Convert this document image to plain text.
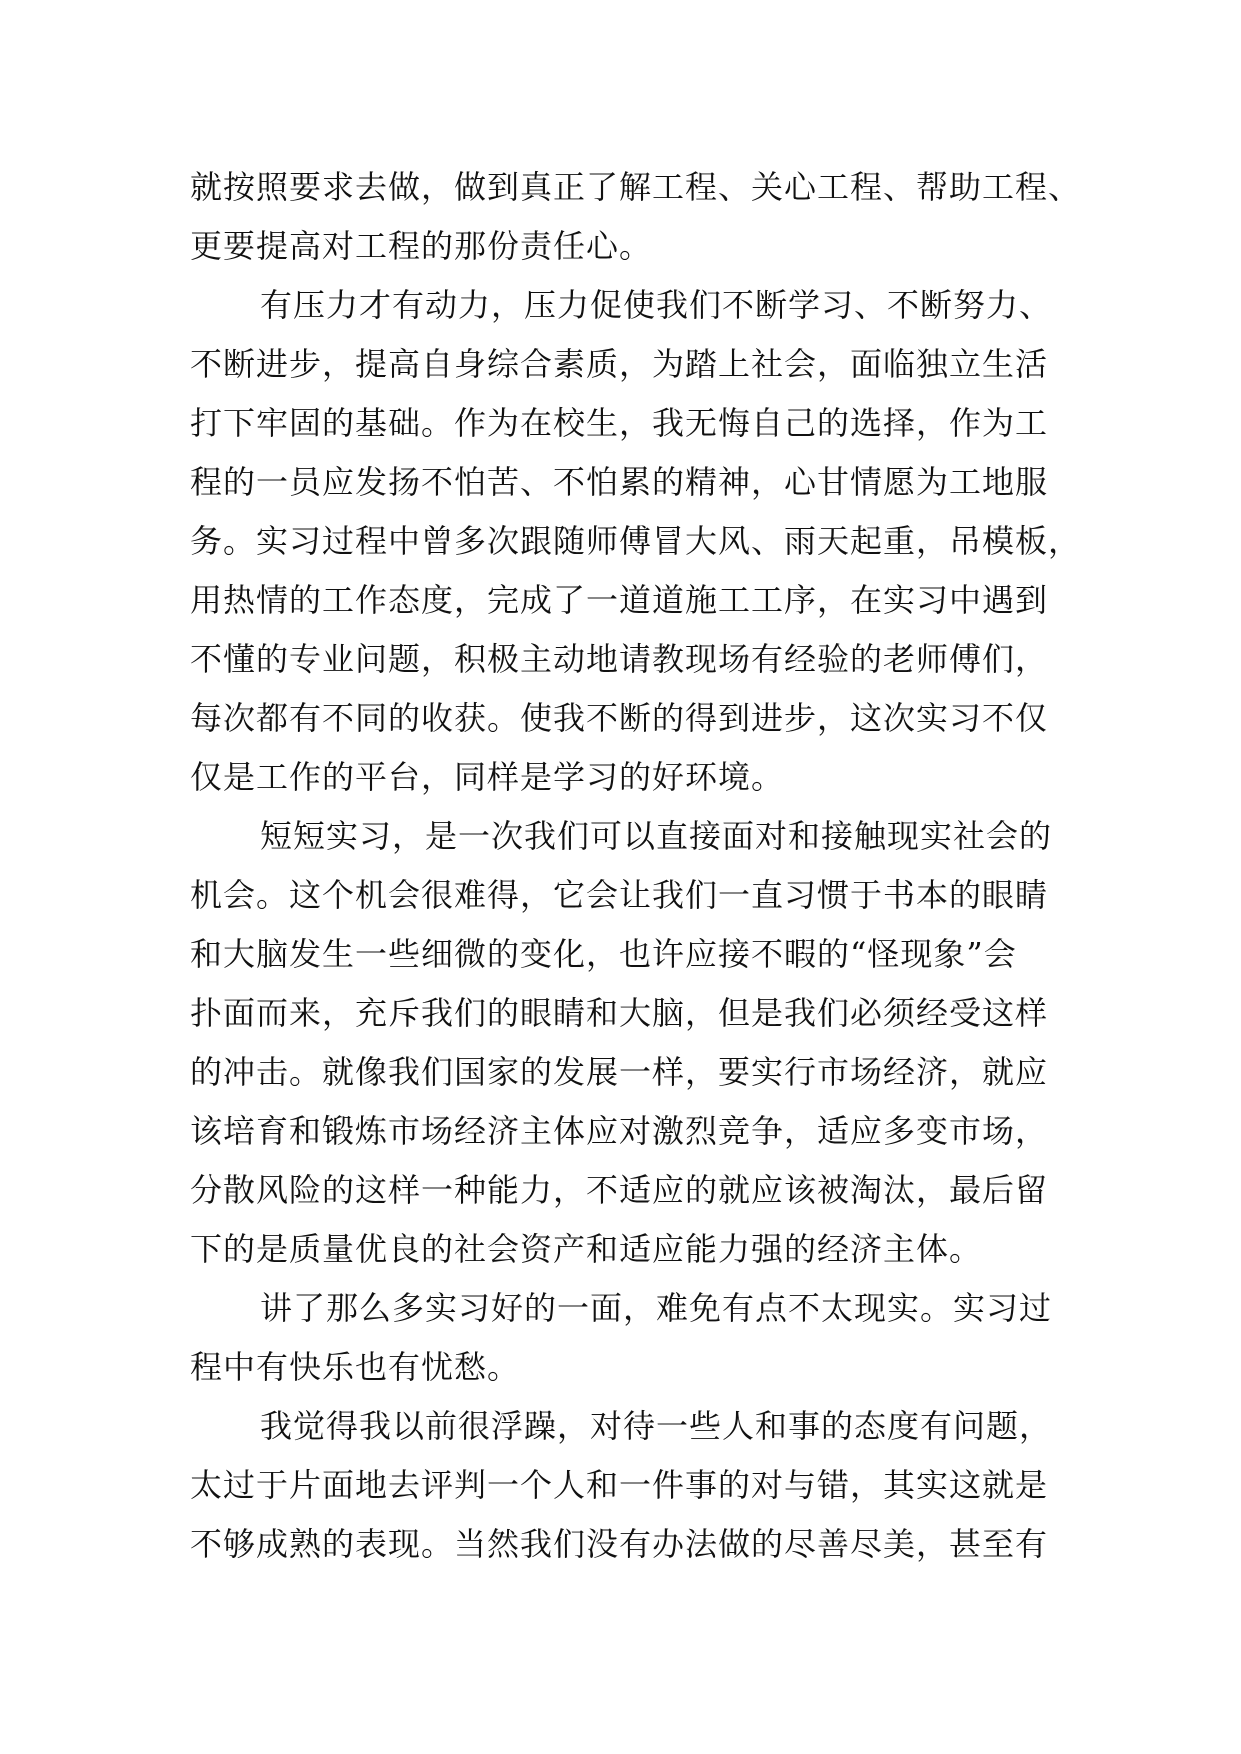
就按照要求去做，做到真正了解工程、关心工程、帮助工程、
更要提高对工程的那份责任心。
有压力才有动力，压力促使我们不断学习、不断努力、
不断进步，提高自身综合素质，为踏上社会，面临独立生活
打下牢固的基础。作为在校生，我无悔自己的选择，作为工
程的一员应发扬不怕苦、不怕累的精神，心甘情愿为工地服
务。实习过程中曾多次跟随师傅冒大风、雨天起重，吊模板，
用热情的工作态度，完成了一道道施工工序，在实习中遇到
不懂的专业问题，积极主动地请教现场有经验的老师傅们，
每次都有不同的收获。使我不断的得到进步，这次实习不仅
仅是工作的平台，同样是学习的好环境。
短短实习，是一次我们可以直接面对和接触现实社会的
机会。这个机会很难得，它会让我们一直习惯于书本的眼睛
和大脑发生一些细微的变化，也许应接不暇的“怪现象”会
扑面而来，充斥我们的眼睛和大脑，但是我们必须经受这样
的冲击。就像我们国家的发展一样，要实行市场经济，就应
该培育和锻炼市场经济主体应对激烈竞争，适应多变市场，
分散风险的这样一种能力，不适应的就应该被淘汰，最后留
下的是质量优良的社会资产和适应能力强的经济主体。
讲了那么多实习好的一面，难免有点不太现实。实习过
程中有快乐也有忧愁。
我觉得我以前很浮躁，对待一些人和事的态度有问题，
太过于片面地去评判一个人和一件事的对与错，其实这就是
不够成熟的表现。当然我们没有办法做的尽善尽美，甚至有
